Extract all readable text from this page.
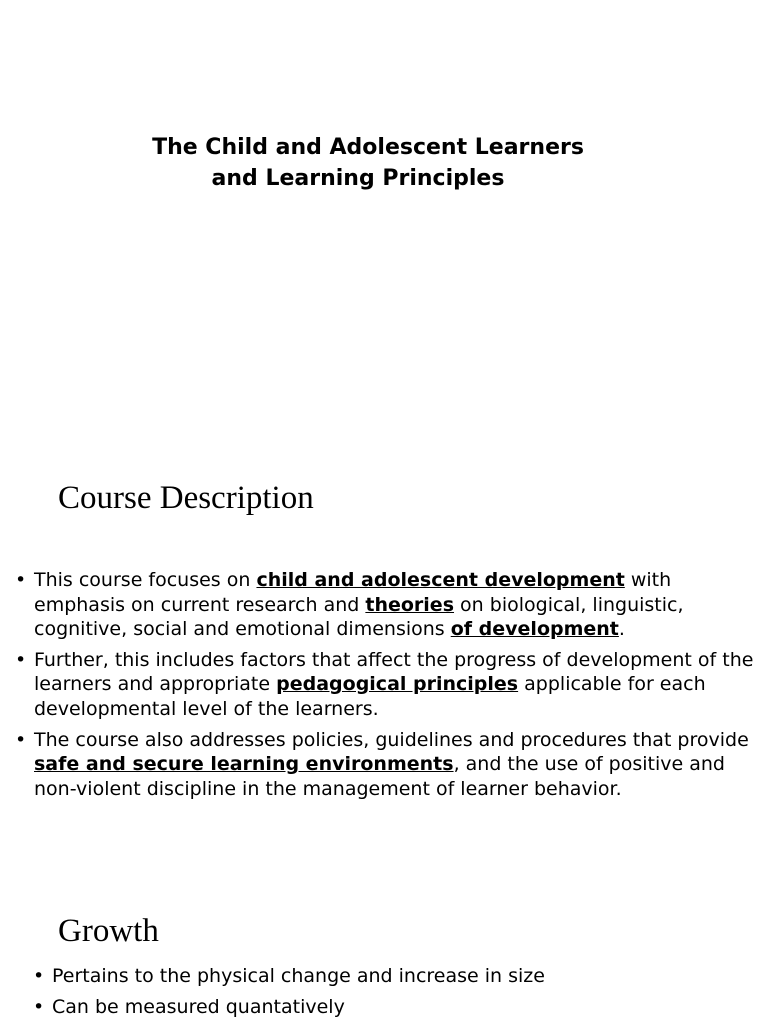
The Child and Adolescent Learners
and Learning Principles
Course Description
• This course focuses on child and adolescent development with emphasis on current research and theories on biological, linguistic, cognitive, social and emotional dimensions of development.
• Further, this includes factors that affect the progress of development of the learners and appropriate pedagogical principles applicable for each developmental level of the learners.
• The course also addresses policies, guidelines and procedures that provide safe and secure learning environments, and the use of positive and non-violent discipline in the management of learner behavior.
Growth
• Pertains to the physical change and increase in size
• Can be measured quantatively
